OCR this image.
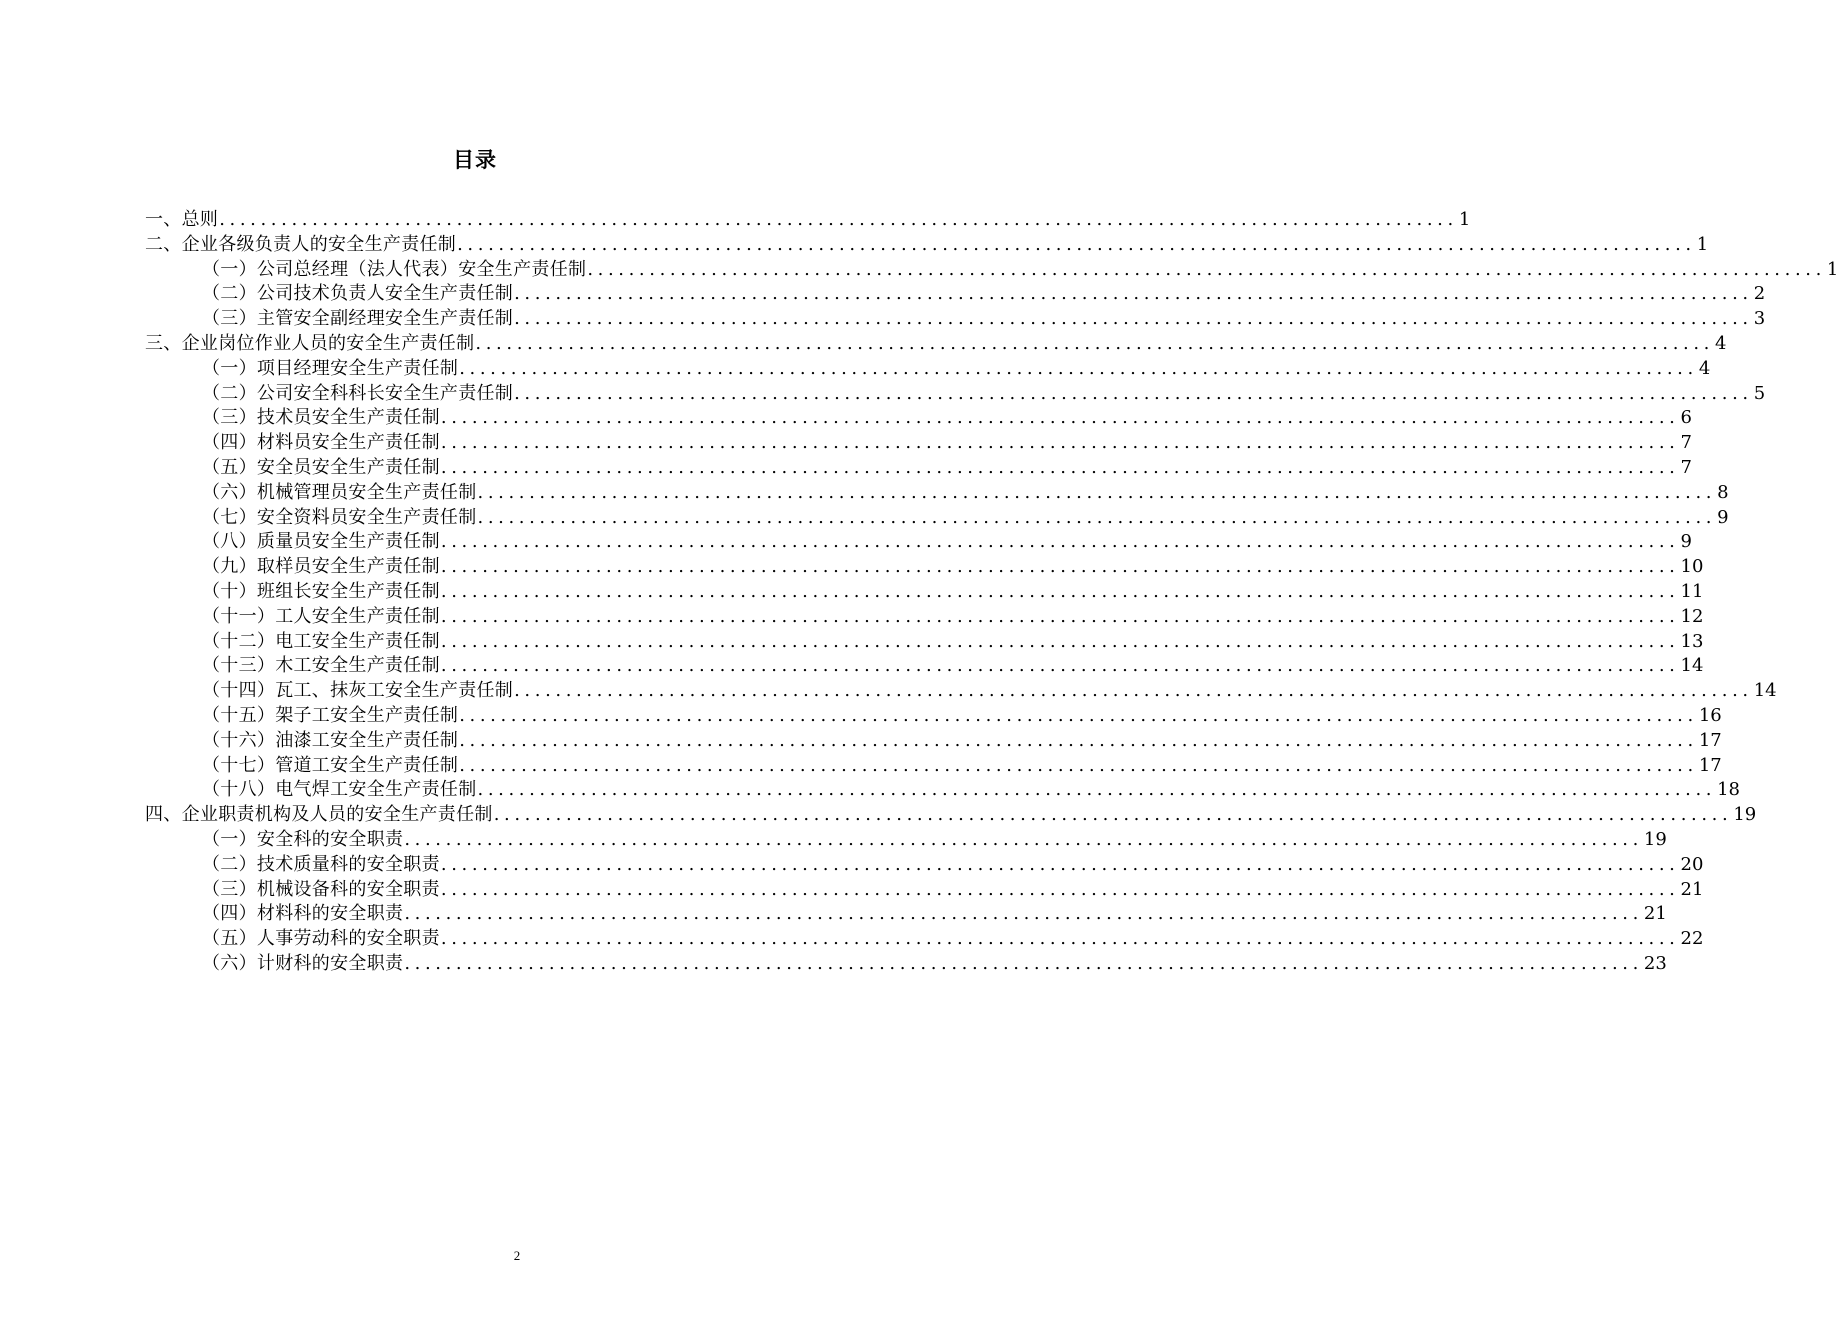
目录
一、总则 ........................................................................................................................ 1
二、企业各级负责人的安全生产责任制 ........................................................................................................................ 1
（一）公司总经理（法人代表）安全生产责任制 ........................................................................................................................ 1
（二）公司技术负责人安全生产责任制 ........................................................................................................................ 2
（三）主管安全副经理安全生产责任制 ........................................................................................................................ 3
三、企业岗位作业人员的安全生产责任制 ........................................................................................................................ 4
（一）项目经理安全生产责任制 ........................................................................................................................ 4
（二）公司安全科科长安全生产责任制 ........................................................................................................................ 5
（三）技术员安全生产责任制 ........................................................................................................................ 6
（四）材料员安全生产责任制 ........................................................................................................................ 7
（五）安全员安全生产责任制 ........................................................................................................................ 7
（六）机械管理员安全生产责任制 ........................................................................................................................ 8
（七）安全资料员安全生产责任制 ........................................................................................................................ 9
（八）质量员安全生产责任制 ........................................................................................................................ 9
（九）取样员安全生产责任制 ........................................................................................................................ 10
（十）班组长安全生产责任制 ........................................................................................................................ 11
（十一）工人安全生产责任制 ........................................................................................................................ 12
（十二）电工安全生产责任制 ........................................................................................................................ 13
（十三）木工安全生产责任制 ........................................................................................................................ 14
（十四）瓦工、抹灰工安全生产责任制 ........................................................................................................................ 14
（十五）架子工安全生产责任制 ........................................................................................................................ 16
（十六）油漆工安全生产责任制 ........................................................................................................................ 17
（十七）管道工安全生产责任制 ........................................................................................................................ 17
（十八）电气焊工安全生产责任制 ........................................................................................................................ 18
四、企业职责机构及人员的安全生产责任制 ........................................................................................................................ 19
（一）安全科的安全职责 ........................................................................................................................ 19
（二）技术质量科的安全职责 ........................................................................................................................ 20
（三）机械设备科的安全职责 ........................................................................................................................ 21
（四）材料科的安全职责 ........................................................................................................................ 21
（五）人事劳动科的安全职责 ........................................................................................................................ 22
（六）计财科的安全职责 ........................................................................................................................ 23
2
